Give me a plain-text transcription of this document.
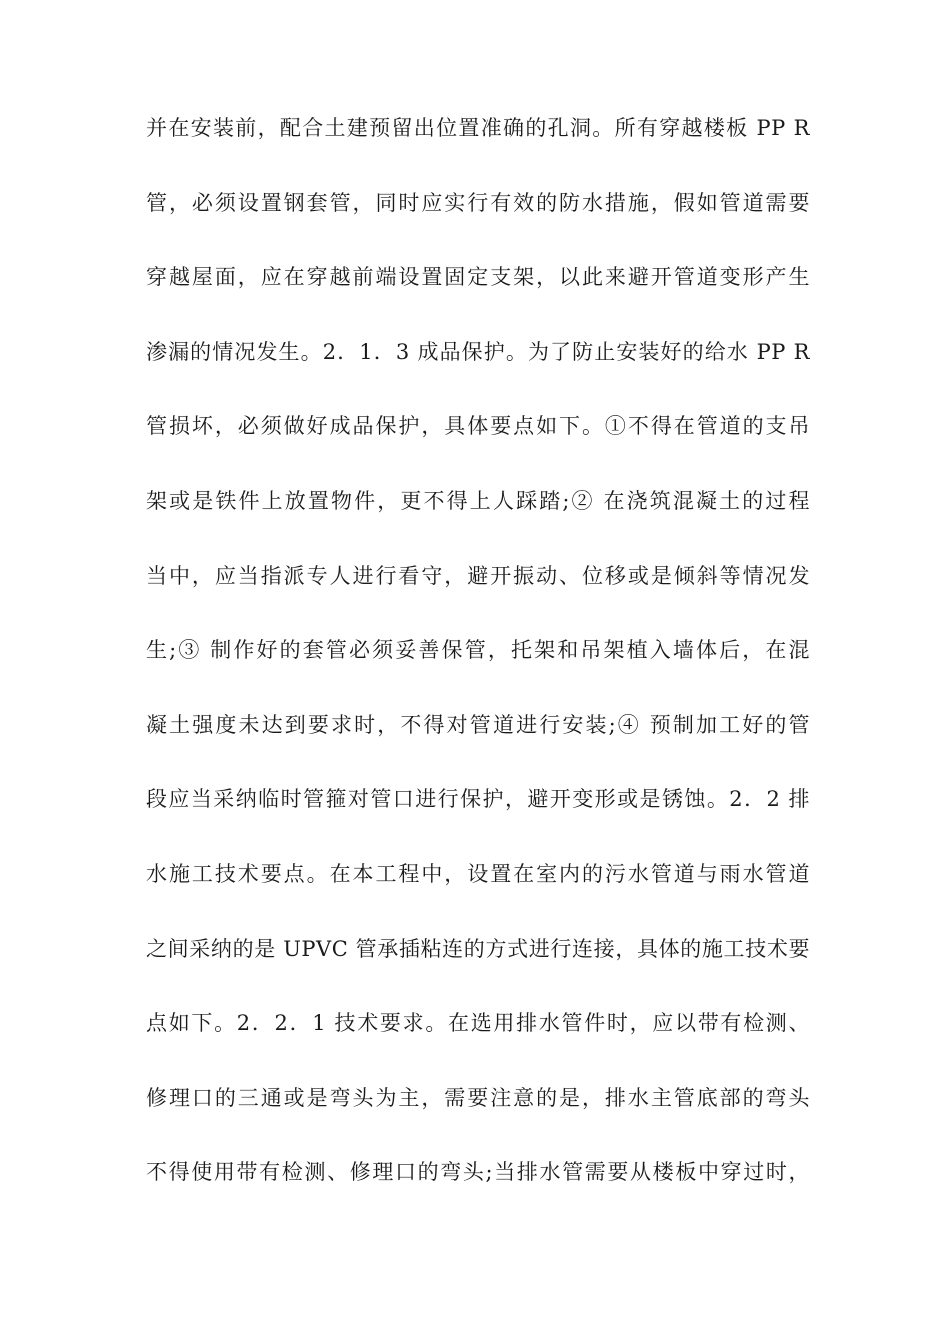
并在安装前，配合土建预留出位置准确的孔洞。所有穿越楼板 PP R
管，必须设置钢套管，同时应实行有效的防水措施，假如管道需要
穿越屋面，应在穿越前端设置固定支架，以此来避开管道变形产生
渗漏的情况发生。2．1．3 成品保护。为了防止安装好的给水 PP R
管损坏，必须做好成品保护，具体要点如下。①不得在管道的支吊
架或是铁件上放置物件，更不得上人踩踏;② 在浇筑混凝土的过程
当中，应当指派专人进行看守，避开振动、位移或是倾斜等情况发
生;③ 制作好的套管必须妥善保管，托架和吊架植入墙体后，在混
凝土强度未达到要求时，不得对管道进行安装;④ 预制加工好的管
段应当采纳临时管箍对管口进行保护，避开变形或是锈蚀。2．2 排
水施工技术要点。在本工程中，设置在室内的污水管道与雨水管道
之间采纳的是 UPVC 管承插粘连的方式进行连接，具体的施工技术要
点如下。2．2．1 技术要求。在选用排水管件时，应以带有检测、
修理口的三通或是弯头为主，需要注意的是，排水主管底部的弯头
不得使用带有检测、修理口的弯头;当排水管需要从楼板中穿过时，
